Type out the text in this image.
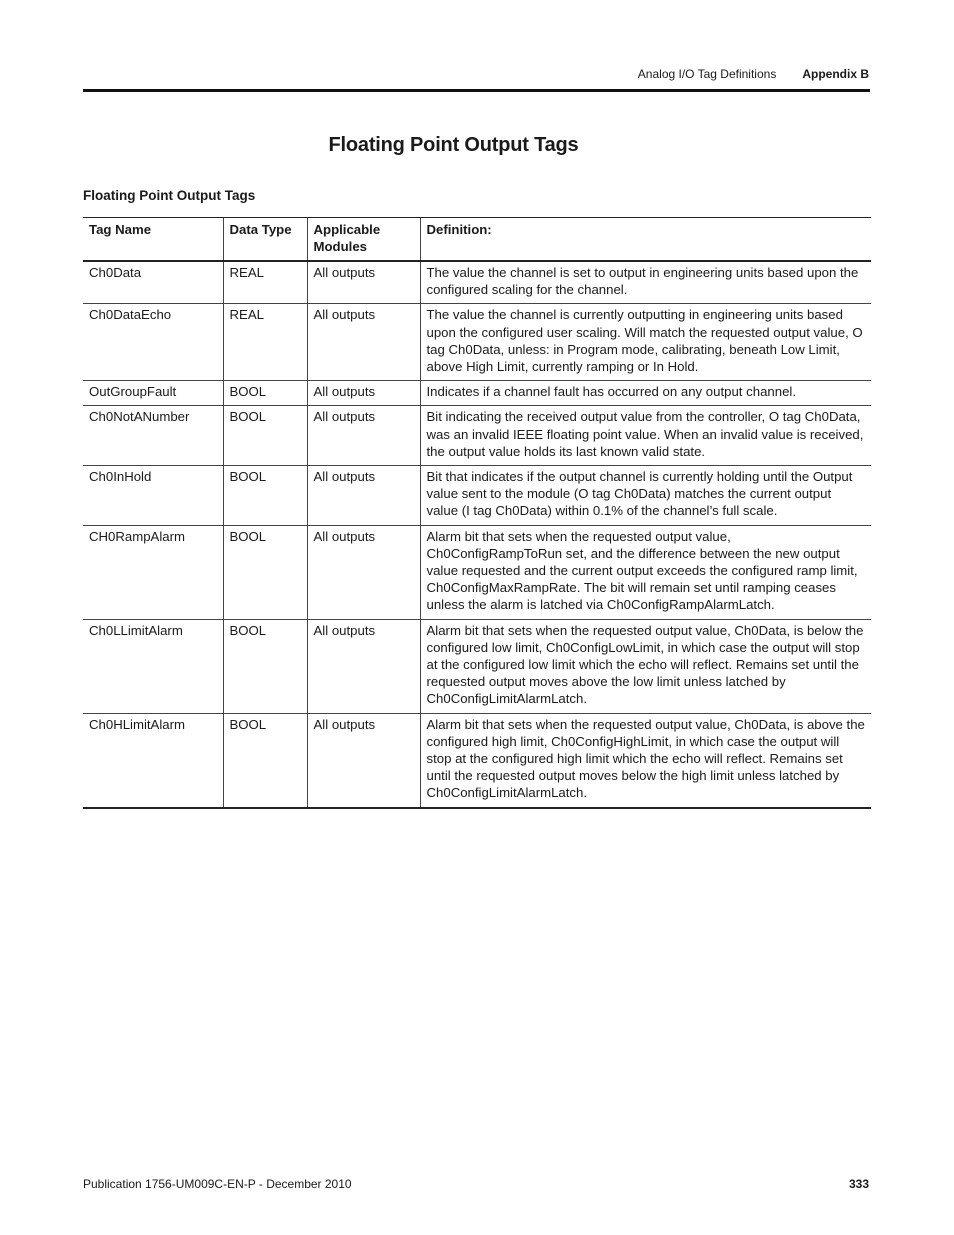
Analog I/O Tag Definitions Appendix B
Floating Point Output Tags
Floating Point Output Tags
Tag Name	Data Type	Applicable Modules	Definition:
Ch0Data	REAL	All outputs	The value the channel is set to output in engineering units based upon the configured scaling for the channel.
Ch0DataEcho	REAL	All outputs	The value the channel is currently outputting in engineering units based upon the configured user scaling. Will match the requested output value, O tag Ch0Data, unless: in Program mode, calibrating, beneath Low Limit, above High Limit, currently ramping or In Hold.
OutGroupFault	BOOL	All outputs	Indicates if a channel fault has occurred on any output channel.
Ch0NotANumber	BOOL	All outputs	Bit indicating the received output value from the controller, O tag Ch0Data, was an invalid IEEE floating point value. When an invalid value is received, the output value holds its last known valid state.
Ch0InHold	BOOL	All outputs	Bit that indicates if the output channel is currently holding until the Output value sent to the module (O tag Ch0Data) matches the current output value (I tag Ch0Data) within 0.1% of the channel’s full scale.
CH0RampAlarm	BOOL	All outputs	Alarm bit that sets when the requested output value, Ch0ConfigRampToRun set, and the difference between the new output value requested and the current output exceeds the configured ramp limit, Ch0ConfigMaxRampRate. The bit will remain set until ramping ceases unless the alarm is latched via Ch0ConfigRampAlarmLatch.
Ch0LLimitAlarm	BOOL	All outputs	Alarm bit that sets when the requested output value, Ch0Data, is below the configured low limit, Ch0ConfigLowLimit, in which case the output will stop at the configured low limit which the echo will reflect. Remains set until the requested output moves above the low limit unless latched by Ch0ConfigLimitAlarmLatch.
Ch0HLimitAlarm	BOOL	All outputs	Alarm bit that sets when the requested output value, Ch0Data, is above the configured high limit, Ch0ConfigHighLimit, in which case the output will stop at the configured high limit which the echo will reflect. Remains set until the requested output moves below the high limit unless latched by Ch0ConfigLimitAlarmLatch.
Publication 1756-UM009C-EN-P - December 2010	333
